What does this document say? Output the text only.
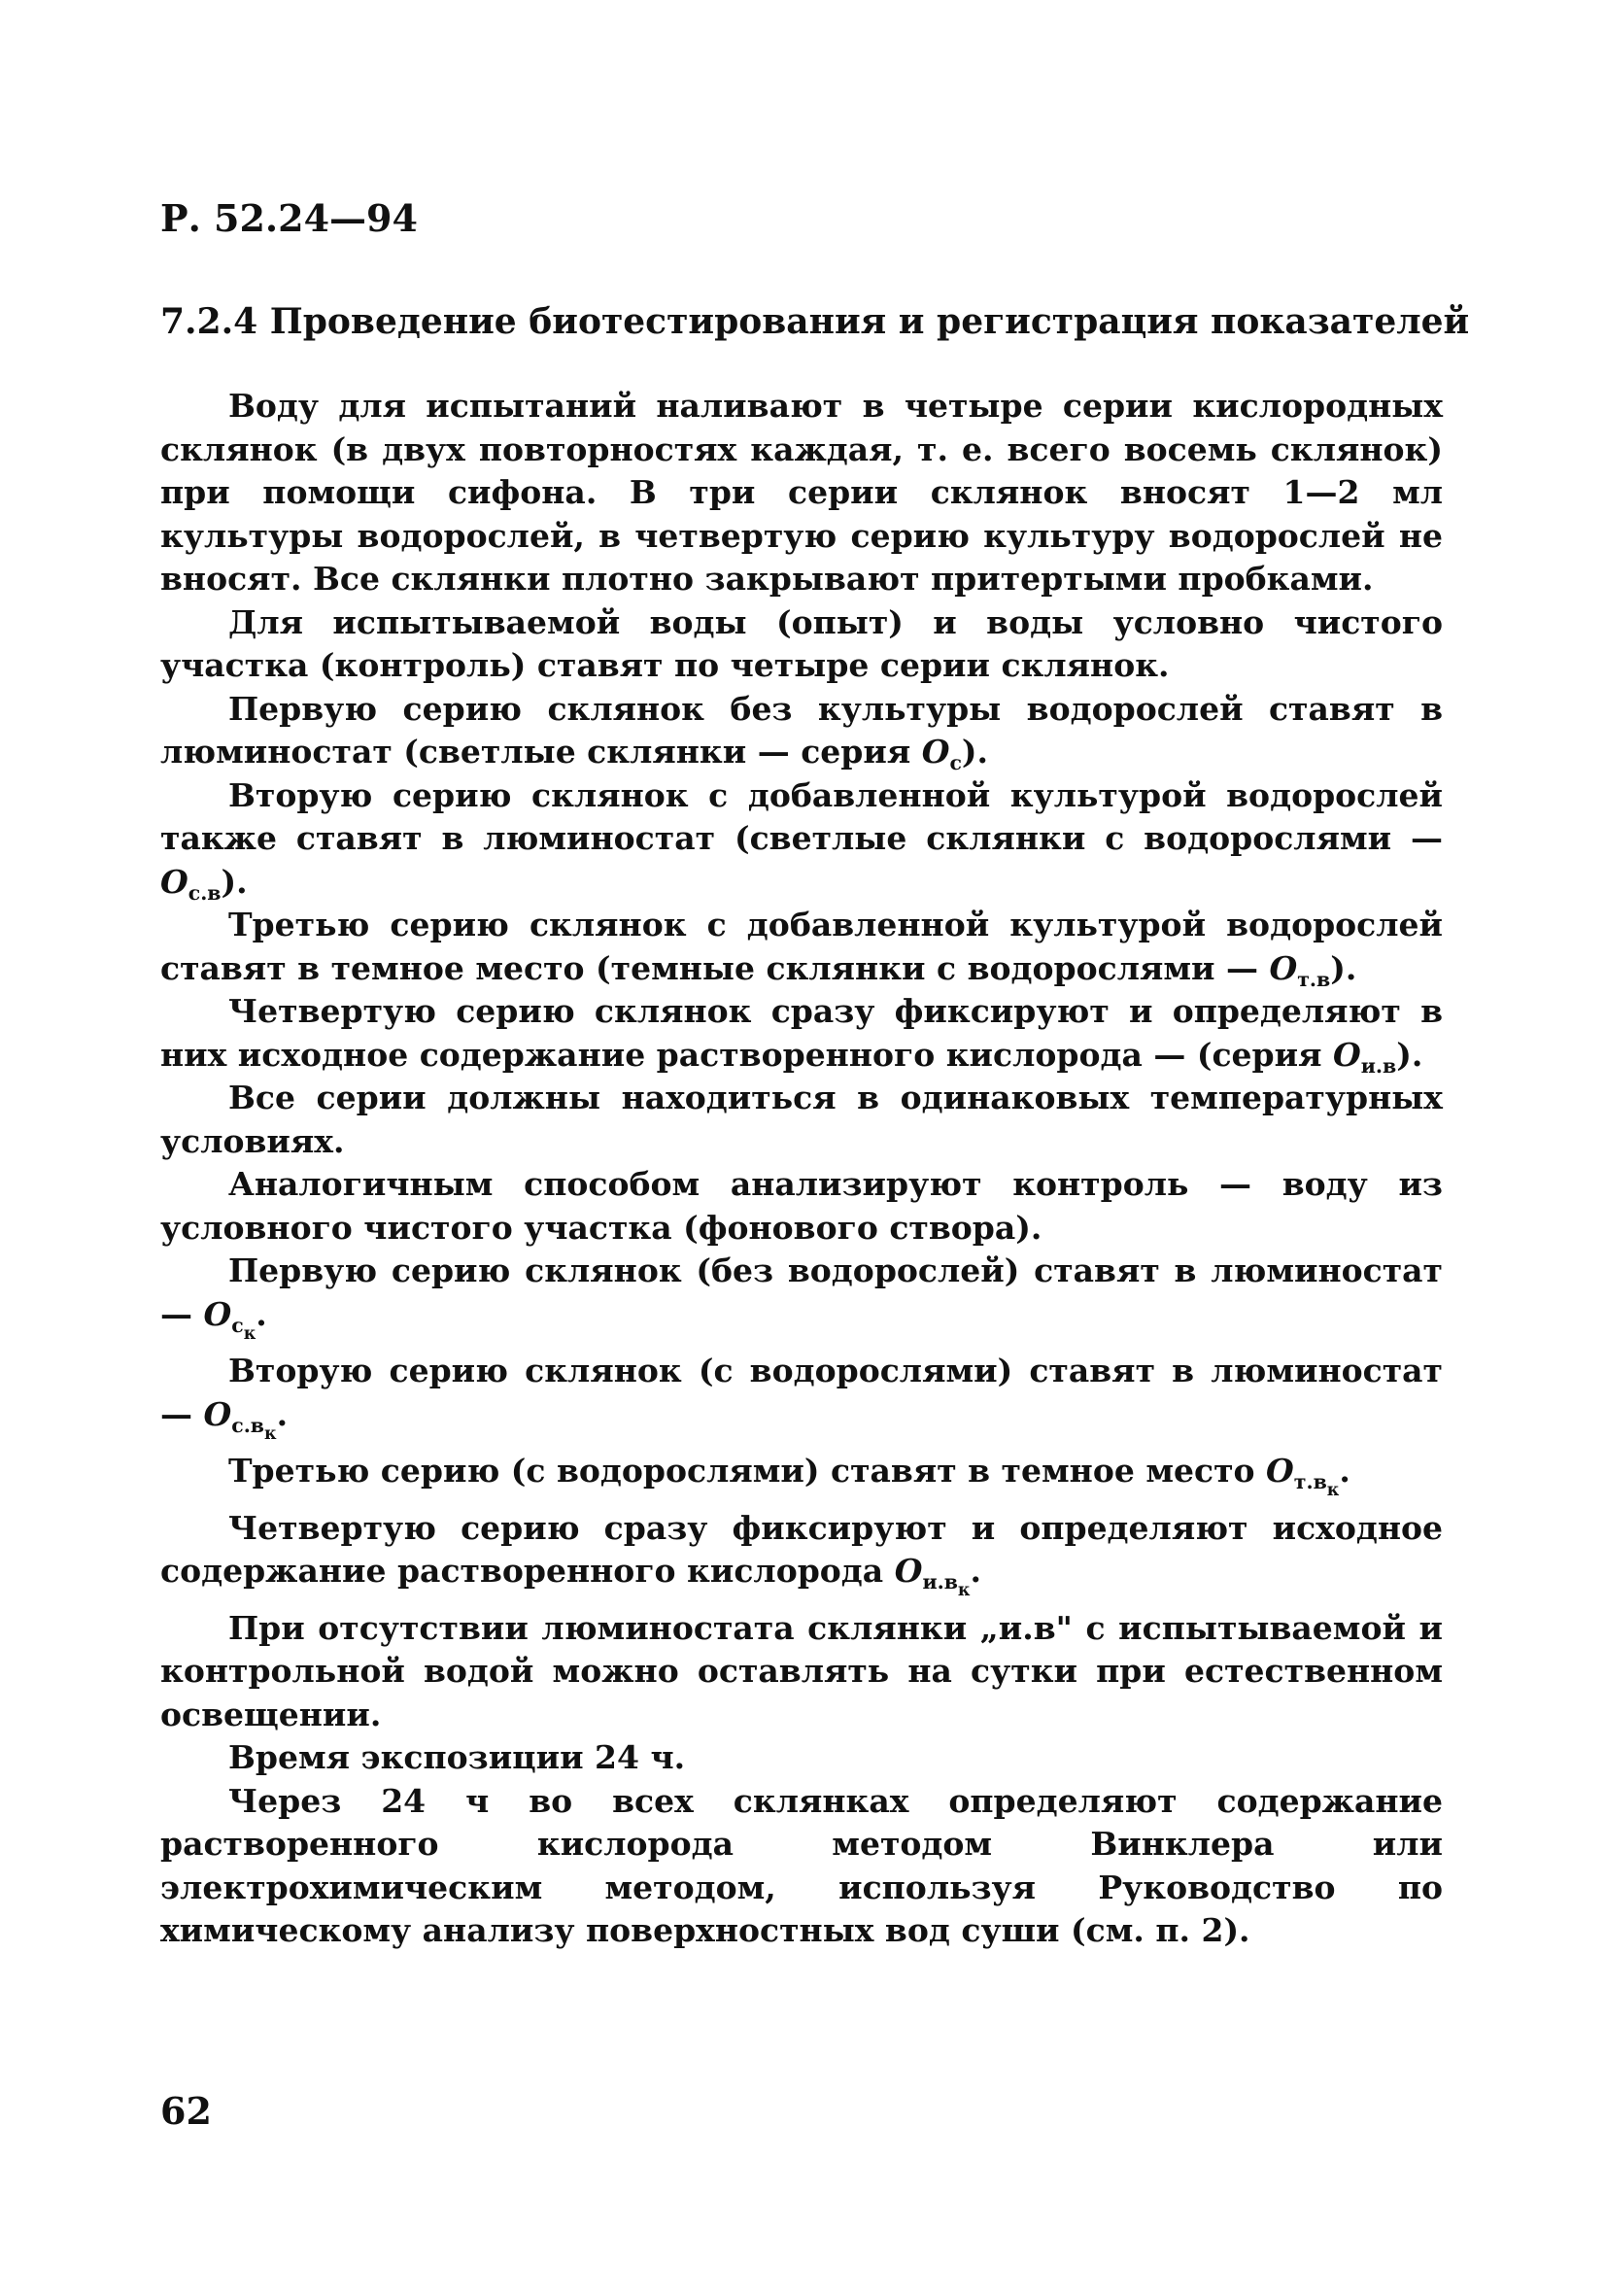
Р. 52.24—94
7.2.4 Проведение биотестирования и регистрация показателей

Воду для испытаний наливают в четыре серии кислородных склянок (в двух повторностях каждая, т. е. всего восемь склянок) при помощи сифона. В три серии склянок вносят 1—2 мл культуры водорослей, в четвертую серию культуру водорослей не вносят. Все склянки плотно закрывают притертыми пробками.

Для испытываемой воды (опыт) и воды условно чистого участка (контроль) ставят по четыре серии склянок.

Первую серию склянок без культуры водорослей ставят в люминостат (светлые склянки — серия $O_с$).

Вторую серию склянок с добавленной культурой водорослей также ставят в люминостат (светлые склянки с водорослями — $O_{с.в}$).

Третью серию склянок с добавленной культурой водорослей ставят в темное место (темные склянки с водорослями — $O_{т.в}$).

Четвертую серию склянок сразу фиксируют и определяют в них исходное содержание растворенного кислорода — (серия $O_{и.в}$).

Все серии должны находиться в одинаковых температурных условиях.

Аналогичным способом анализируют контроль — воду из условного чистого участка (фонового створа).

Первую серию склянок (без водорослей) ставят в люминостат — $O_{с_к}$.

Вторую серию склянок (с водорослями) ставят в люминостат — $O_{с.в_к}$.

Третью серию (с водорослями) ставят в темное место $O_{т.в_к}$.

Четвертую серию сразу фиксируют и определяют исходное содержание растворенного кислорода $O_{и.в_к}$.

При отсутствии люминостата склянки „и.в" с испытываемой и контрольной водой можно оставлять на сутки при естественном освещении.

Время экспозиции 24 ч.

Через 24 ч во всех склянках определяют содержание растворенного кислорода методом Винклера или электрохимическим методом, используя Руководство по химическому анализу поверхностных вод суши (см. п. 2).

62
